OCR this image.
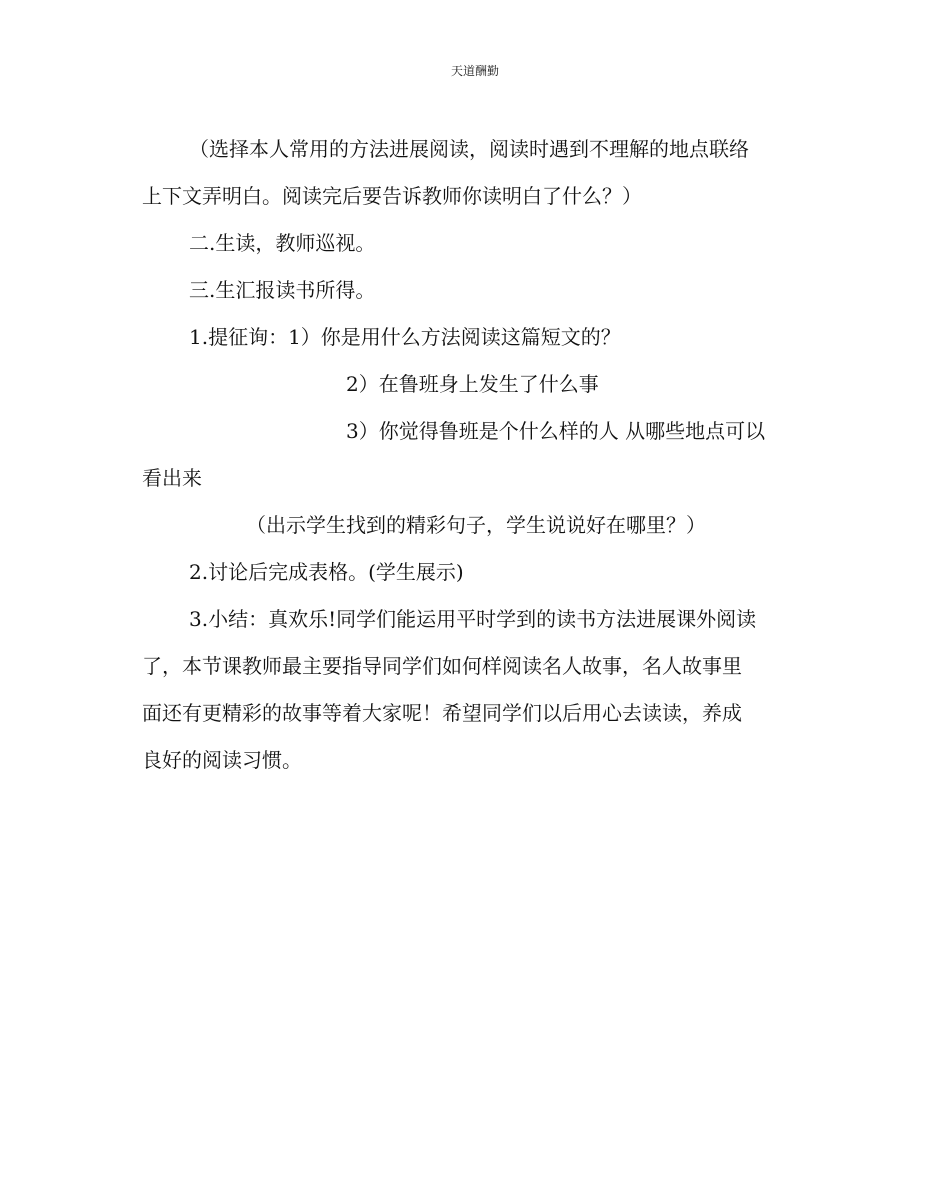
天道酬勤

（选择本人常用的方法进展阅读，阅读时遇到不理解的地点联络

上下文弄明白。阅读完后要告诉教师你读明白了什么？）

二.生读，教师巡视。

三.生汇报读书所得。

1.提征询：1）你是用什么方法阅读这篇短文的？

2）在鲁班身上发生了什么事

3）你觉得鲁班是个什么样的人 从哪些地点可以

看出来

（出示学生找到的精彩句子，学生说说好在哪里？）

2.讨论后完成表格。(学生展示)

3.小结：真欢乐!同学们能运用平时学到的读书方法进展课外阅读

了，本节课教师最主要指导同学们如何样阅读名人故事，名人故事里

面还有更精彩的故事等着大家呢！希望同学们以后用心去读读，养成

良好的阅读习惯。
